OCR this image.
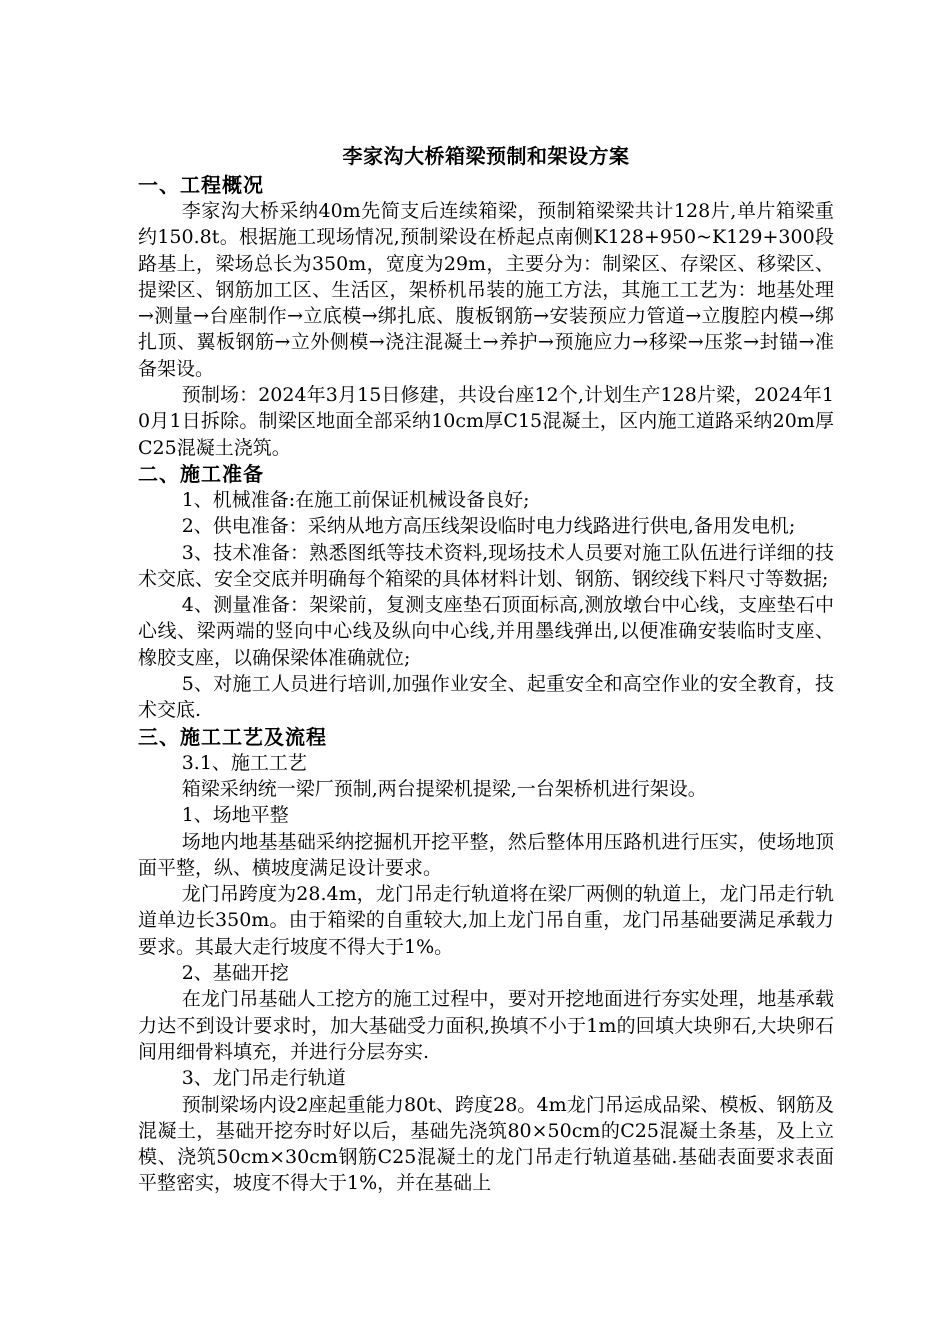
李家沟大桥箱梁预制和架设方案
一、工程概况

李家沟大桥采纳40m先简支后连续箱梁，预制箱梁梁共计128片,单片箱梁重约150.8t。根据施工现场情况,预制梁设在桥起点南侧K128+950~K129+300段路基上，梁场总长为350m，宽度为29m，主要分为：制梁区、存梁区、移梁区、提梁区、钢筋加工区、生活区，架桥机吊装的施工方法，其施工工艺为：地基处理→测量→台座制作→立底模→绑扎底、腹板钢筋→安装预应力管道→立腹腔内模→绑扎顶、翼板钢筋→立外侧模→浇注混凝土→养护→预施应力→移梁→压浆→封锚→准备架设。

预制场：2024年3月15日修建，共设台座12个,计划生产128片梁，2024年10月1日拆除。制梁区地面全部采纳10cm厚C15混凝土，区内施工道路采纳20m厚C25混凝土浇筑。

二、施工准备

1、机械准备:在施工前保证机械设备良好;

2、供电准备：采纳从地方高压线架设临时电力线路进行供电,备用发电机;

3、技术准备：熟悉图纸等技术资料,现场技术人员要对施工队伍进行详细的技术交底、安全交底并明确每个箱梁的具体材料计划、钢筋、钢绞线下料尺寸等数据;

4、测量准备：架梁前，复测支座垫石顶面标高,测放墩台中心线，支座垫石中心线、梁两端的竖向中心线及纵向中心线,并用墨线弹出,以便准确安装临时支座、橡胶支座，以确保梁体准确就位;

5、对施工人员进行培训,加强作业安全、起重安全和高空作业的安全教育，技术交底.

三、施工工艺及流程

3.1、施工工艺

箱梁采纳统一梁厂预制,两台提梁机提梁,一台架桥机进行架设。

1、场地平整

场地内地基基础采纳挖掘机开挖平整，然后整体用压路机进行压实，使场地顶面平整，纵、横坡度满足设计要求。

龙门吊跨度为28.4m，龙门吊走行轨道将在梁厂两侧的轨道上，龙门吊走行轨道单边长350m。由于箱梁的自重较大,加上龙门吊自重，龙门吊基础要满足承载力要求。其最大走行坡度不得大于1%。

2、基础开挖

在龙门吊基础人工挖方的施工过程中，要对开挖地面进行夯实处理，地基承载力达不到设计要求时，加大基础受力面积,换填不小于1m的回填大块卵石,大块卵石间用细骨料填充，并进行分层夯实.

3、龙门吊走行轨道

预制梁场内设2座起重能力80t、跨度28。4m龙门吊运成品梁、模板、钢筋及混凝土，基础开挖夯时好以后，基础先浇筑80×50cm的C25混凝土条基，及上立模、浇筑50cm×30cm钢筋C25混凝土的龙门吊走行轨道基础.基础表面要求表面平整密实，坡度不得大于1%，并在基础上
